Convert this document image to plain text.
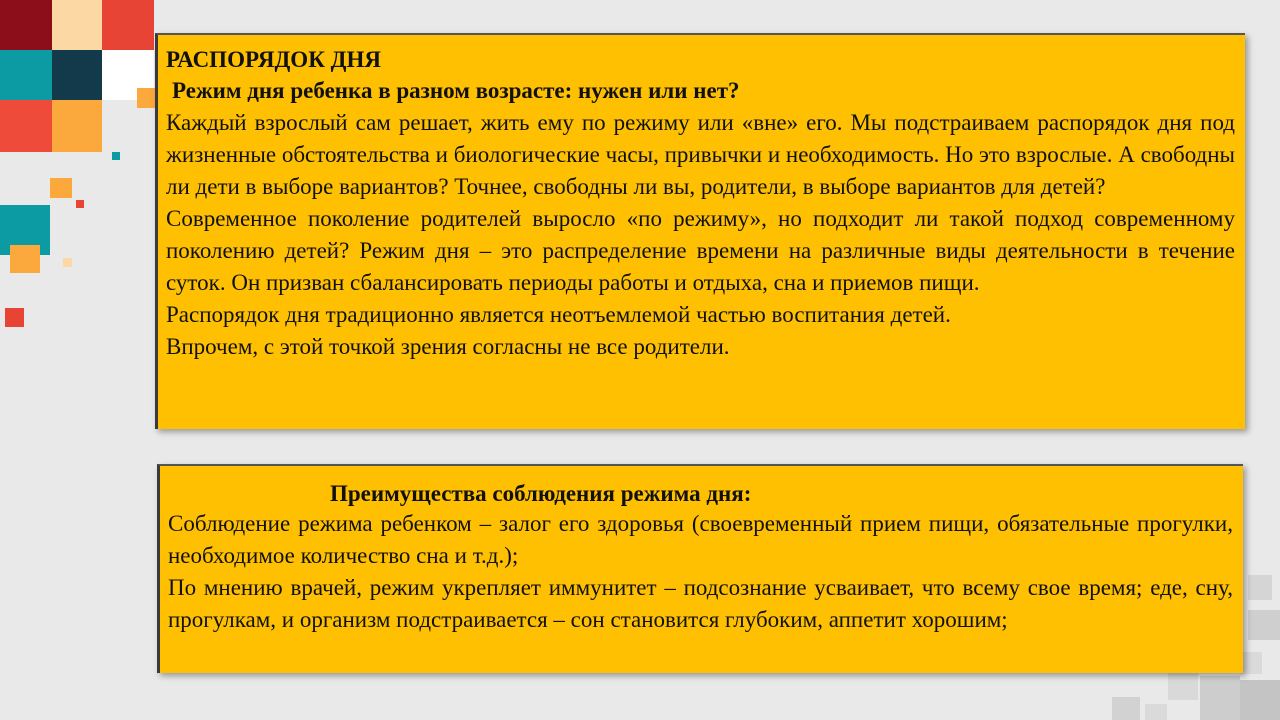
РАСПОРЯДОК ДНЯ

Режим дня ребенка в разном возрасте: нужен или нет?

Каждый взрослый сам решает, жить ему по режиму или «вне» его. Мы подстраиваем распорядок дня под жизненные обстоятельства и биологические часы, привычки и необходимость. Но это взрослые. А свободны ли дети в выборе вариантов? Точнее, свободны ли вы, родители, в выборе вариантов для детей?

Современное поколение родителей выросло «по режиму», но подходит ли такой подход современному поколению детей? Режим дня – это распределение времени на различные виды деятельности в течение суток. Он призван сбалансировать периоды работы и отдыха, сна и приемов пищи.

Распорядок дня традиционно является неотъемлемой частью воспитания детей.

Впрочем, с этой точкой зрения согласны не все родители.

Преимущества соблюдения режима дня:

Соблюдение режима ребенком – залог его здоровья (своевременный прием пищи, обязательные прогулки, необходимое количество сна и т.д.);

По мнению врачей, режим укрепляет иммунитет – подсознание усваивает, что всему свое время; еде, сну, прогулкам, и организм подстраивается – сон становится глубоким, аппетит хорошим;
